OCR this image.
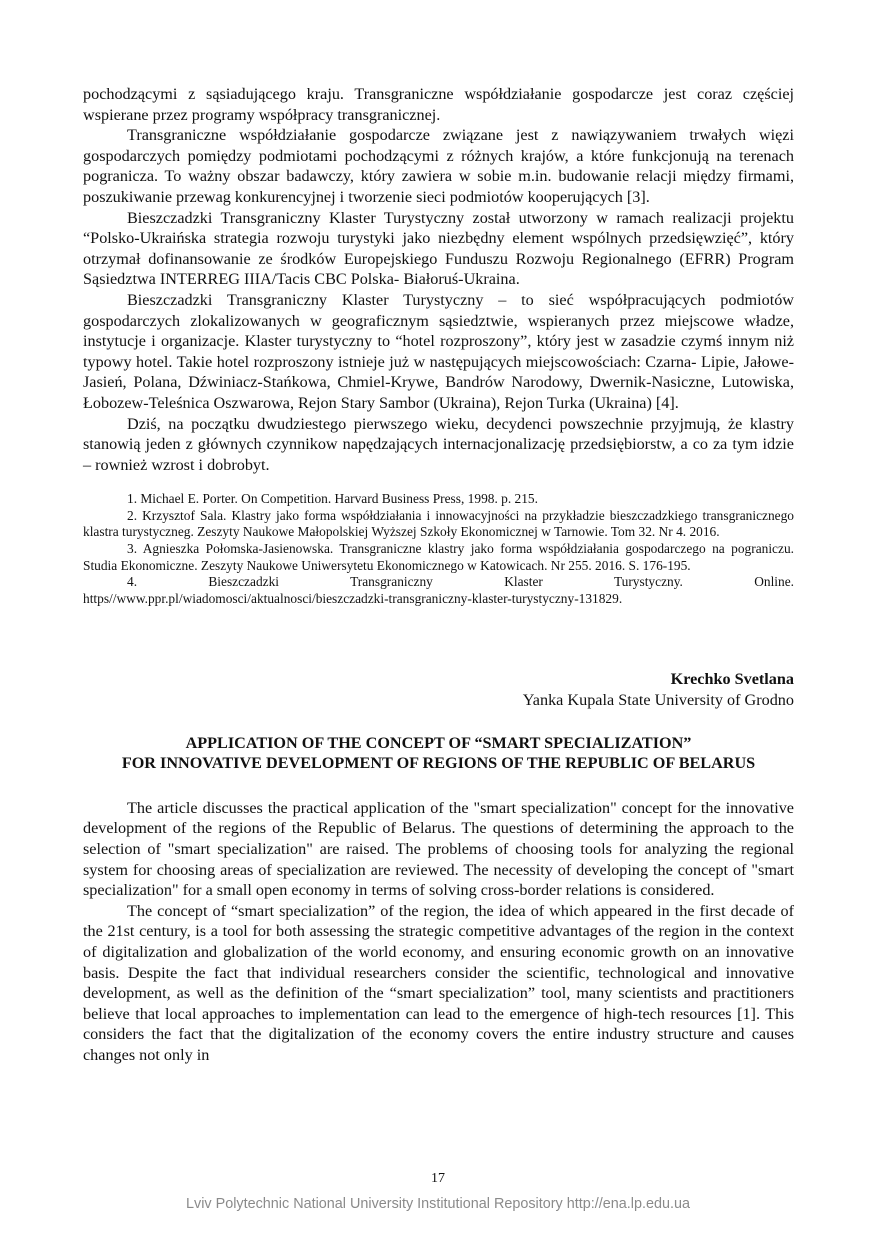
pochodzącymi z sąsiadującego kraju. Transgraniczne współdziałanie gospodarcze jest coraz częściej wspierane przez programy współpracy transgranicznej.

Transgraniczne współdziałanie gospodarcze związane jest z nawiązywaniem trwałych więzi gospodarczych pomiędzy podmiotami pochodzącymi z różnych krajów, a które funkcjonują na terenach pogranicza. To ważny obszar badawczy, który zawiera w sobie m.in. budowanie relacji między firmami, poszukiwanie przewag konkurencyjnej i tworzenie sieci podmiotów kooperujących [3].

Bieszczadzki Transgraniczny Klaster Turystyczny został utworzony w ramach realizacji projektu “Polsko-Ukraińska strategia rozwoju turystyki jako niezbędny element wspólnych przedsięwzięć”, który otrzymał dofinansowanie ze środków Europejskiego Funduszu Rozwoju Regionalnego (EFRR) Program Sąsiedztwa INTERREG IIIA/Tacis CBC Polska- Białoruś-Ukraina.

Bieszczadzki Transgraniczny Klaster Turystyczny – to sieć współpracujących podmiotów gospodarczych zlokalizowanych w geograficznym sąsiedztwie, wspieranych przez miejscowe władze, instytucje i organizacje. Klaster turystyczny to “hotel rozproszony”, który jest w zasadzie czymś innym niż typowy hotel. Takie hotel rozproszony istnieje już w następujących miejscowościach: Czarna- Lipie, Jałowe-Jasień, Polana, Dźwiniacz-Stańkowa, Chmiel-Krywe, Bandrów Narodowy, Dwernik-Nasiczne, Lutowiska, Łobozew-Teleśnica Oszwarowa, Rejon Stary Sambor (Ukraina), Rejon Turka (Ukraina) [4].

Dziś, na początku dwudziestego pierwszego wieku, decydenci powszechnie przyjmują, że klastry stanowią jeden z głównych czynnikow napędzających internacjonalizację przedsiębiorstw, a co za tym idzie – rownież wzrost i dobrobyt.

1. Michael E. Porter. On Competition. Harvard Business Press, 1998. p. 215.

2. Krzysztof Sala. Klastry jako forma współdziałania i innowacyjności na przykładzie bieszczadzkiego transgranicznego klastra turystyczneg. Zeszyty Naukowe Małopolskiej Wyższej Szkoły Ekonomicznej w Tarnowie. Tom 32. Nr 4. 2016.

3. Agnieszka Połomska-Jasienowska. Transgraniczne klastry jako forma współdziałania gospodarczego na pograniczu. Studia Ekonomiczne. Zeszyty Naukowe Uniwersytetu Ekonomicznego w Katowicach. Nr 255. 2016. S. 176-195.

4. Bieszczadzki Transgraniczny Klaster Turystyczny. Online.

https//www.ppr.pl/wiadomosci/aktualnosci/bieszczadzki-transgraniczny-klaster-turystyczny-131829.

Krechko Svetlana
Yanka Kupala State University of Grodno
APPLICATION OF THE CONCEPT OF “SMART SPECIALIZATION”
FOR INNOVATIVE DEVELOPMENT OF REGIONS OF THE REPUBLIC OF BELARUS

The article discusses the practical application of the "smart specialization" concept for the innovative development of the regions of the Republic of Belarus. The questions of determining the approach to the selection of "smart specialization" are raised. The problems of choosing tools for analyzing the regional system for choosing areas of specialization are reviewed. The necessity of developing the concept of "smart specialization" for a small open economy in terms of solving cross-border relations is considered.

The concept of “smart specialization” of the region, the idea of which appeared in the first decade of the 21st century, is a tool for both assessing the strategic competitive advantages of the region in the context of digitalization and globalization of the world economy, and ensuring economic growth on an innovative basis. Despite the fact that individual researchers consider the scientific, technological and innovative development, as well as the definition of the “smart specialization” tool, many scientists and practitioners believe that local approaches to implementation can lead to the emergence of high-tech resources [1]. This considers the fact that the digitalization of the economy covers the entire industry structure and causes changes not only in

17
Lviv Polytechnic National University Institutional Repository http://ena.lp.edu.ua
